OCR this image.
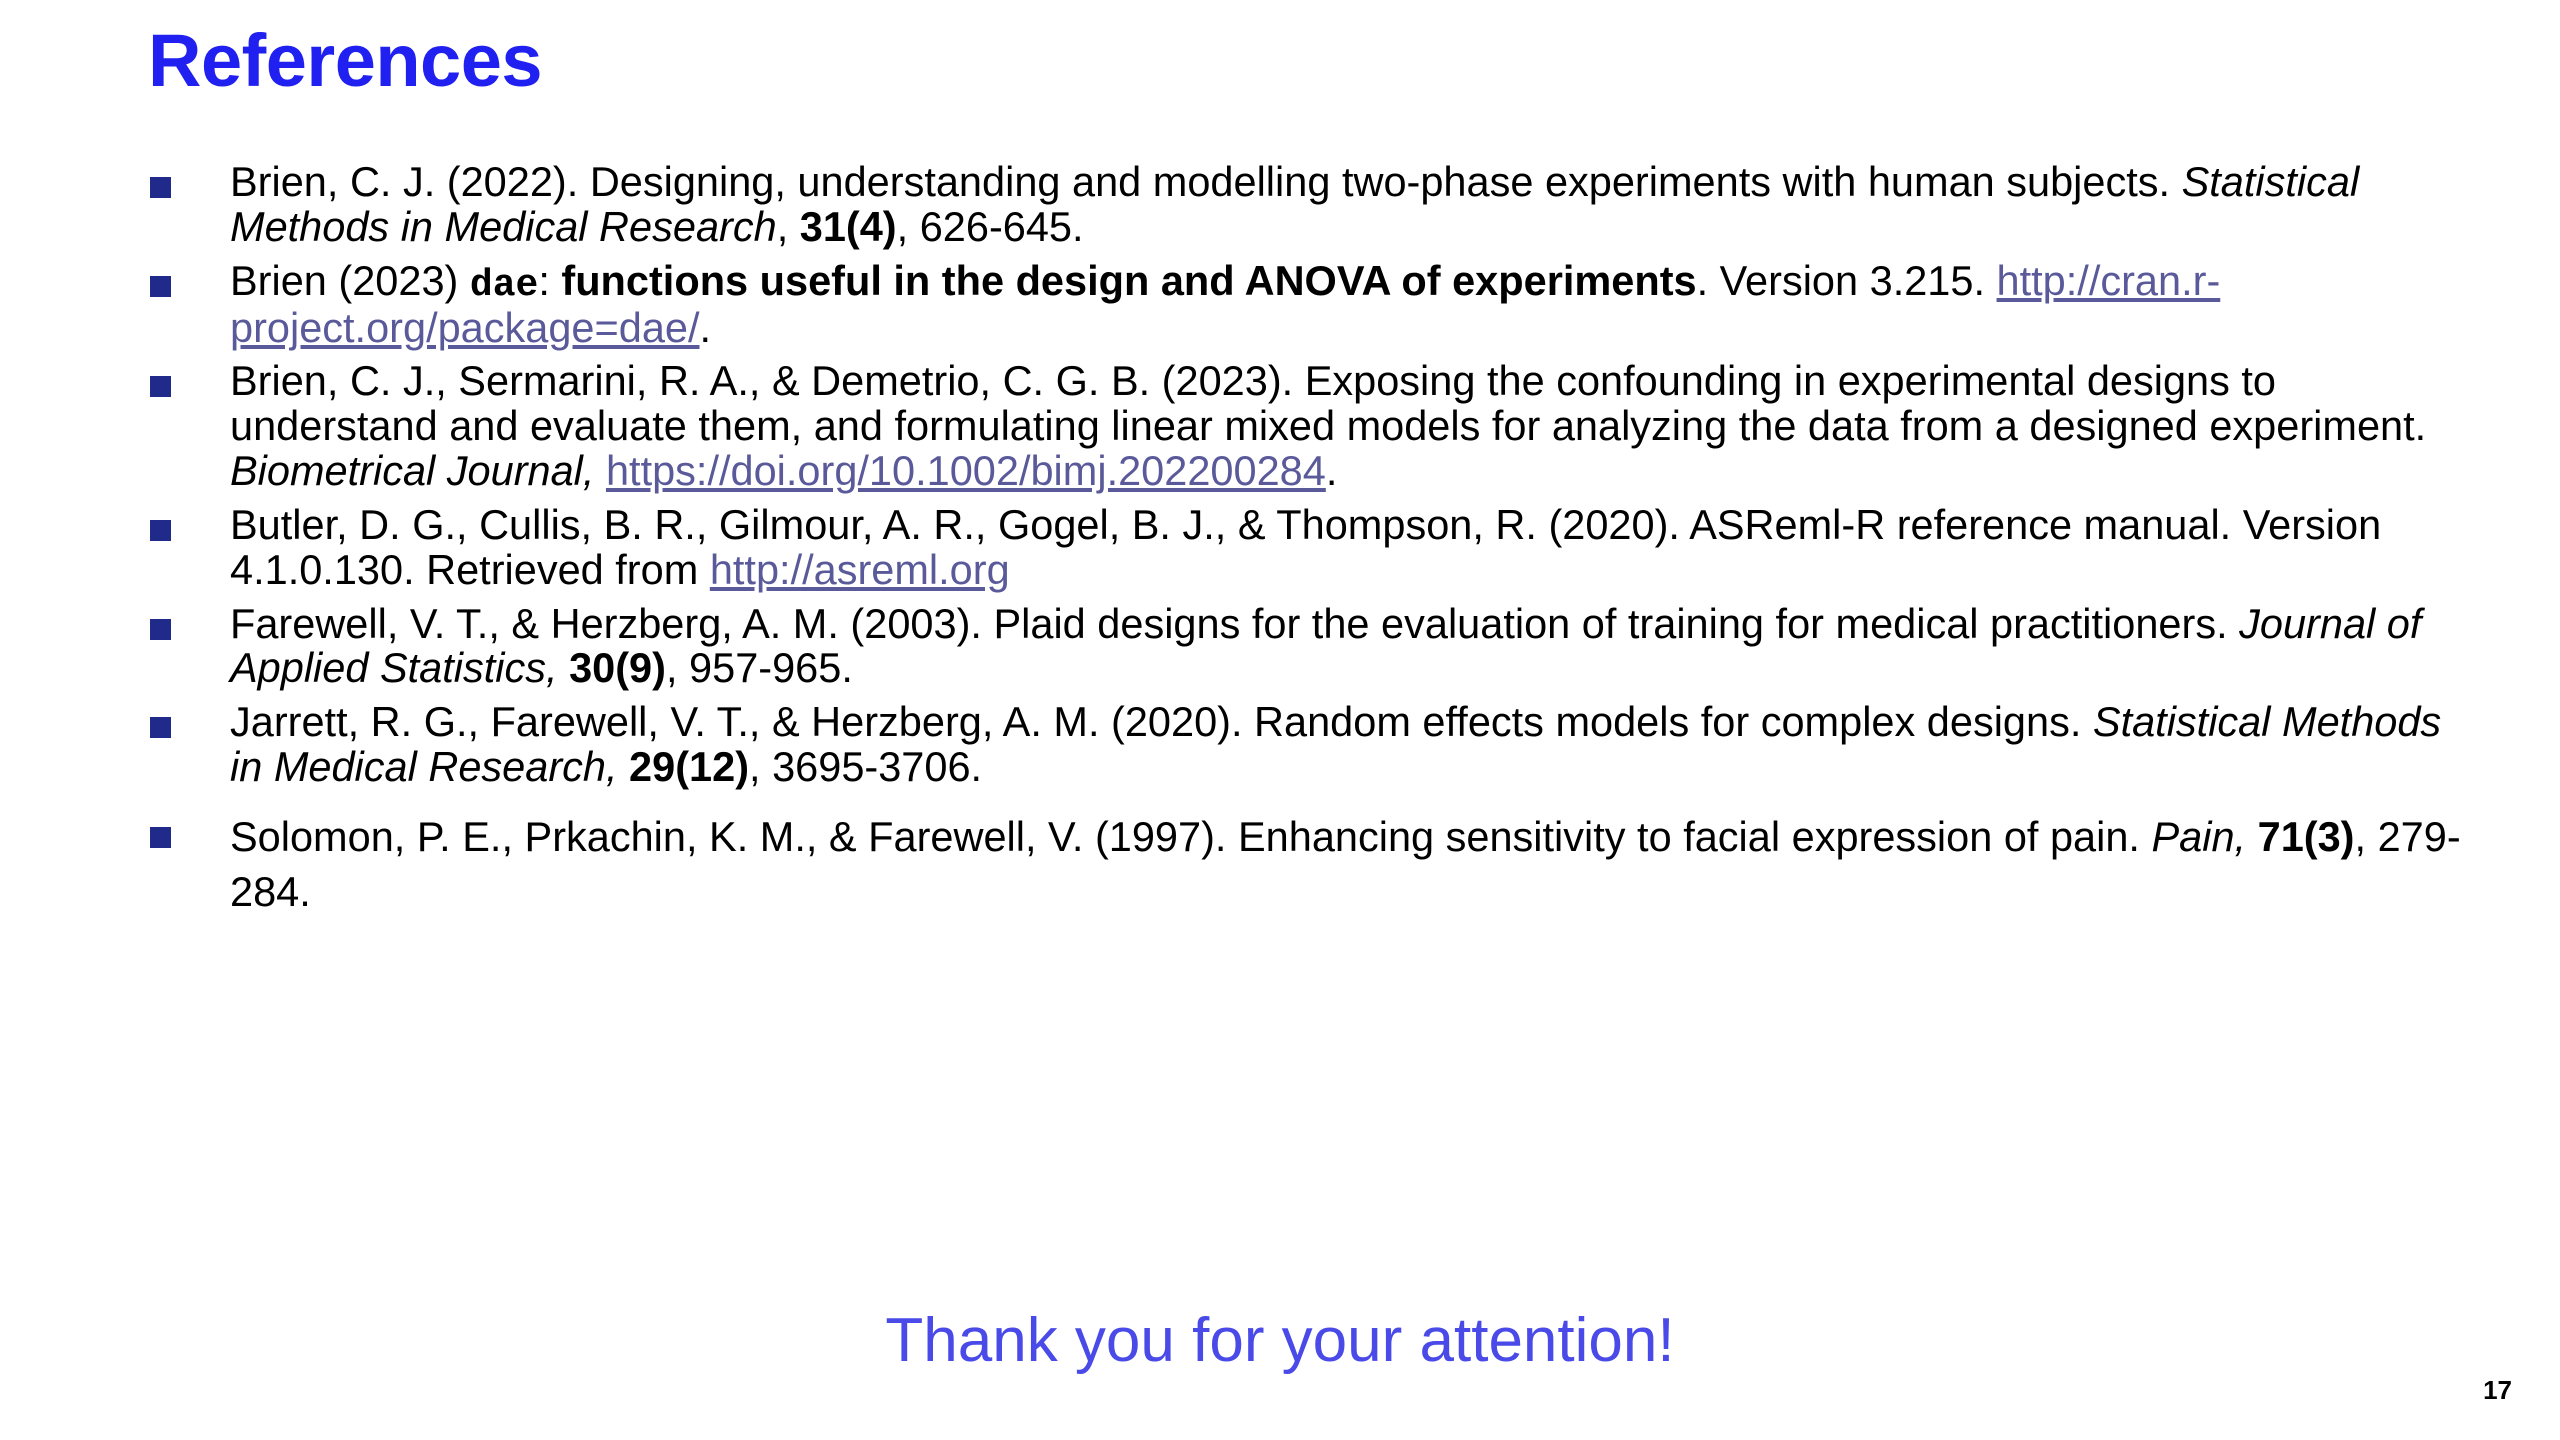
References
Brien, C. J. (2022). Designing, understanding and modelling two-phase experiments with human subjects. Statistical Methods in Medical Research, 31(4), 626-645.
Brien (2023) dae: functions useful in the design and ANOVA of experiments. Version 3.215. http://cran.r-project.org/package=dae/.
Brien, C. J., Sermarini, R. A., & Demetrio, C. G. B. (2023). Exposing the confounding in experimental designs to understand and evaluate them, and formulating linear mixed models for analyzing the data from a designed experiment. Biometrical Journal, https://doi.org/10.1002/bimj.202200284.
Butler, D. G., Cullis, B. R., Gilmour, A. R., Gogel, B. J., & Thompson, R. (2020). ASReml-R reference manual. Version 4.1.0.130. Retrieved from http://asreml.org
Farewell, V. T., & Herzberg, A. M. (2003). Plaid designs for the evaluation of training for medical practitioners. Journal of Applied Statistics, 30(9), 957-965.
Jarrett, R. G., Farewell, V. T., & Herzberg, A. M. (2020). Random effects models for complex designs. Statistical Methods in Medical Research, 29(12), 3695-3706.
Solomon, P. E., Prkachin, K. M., & Farewell, V. (1997). Enhancing sensitivity to facial expression of pain. Pain, 71(3), 279-284.
Thank you for your attention!
17
